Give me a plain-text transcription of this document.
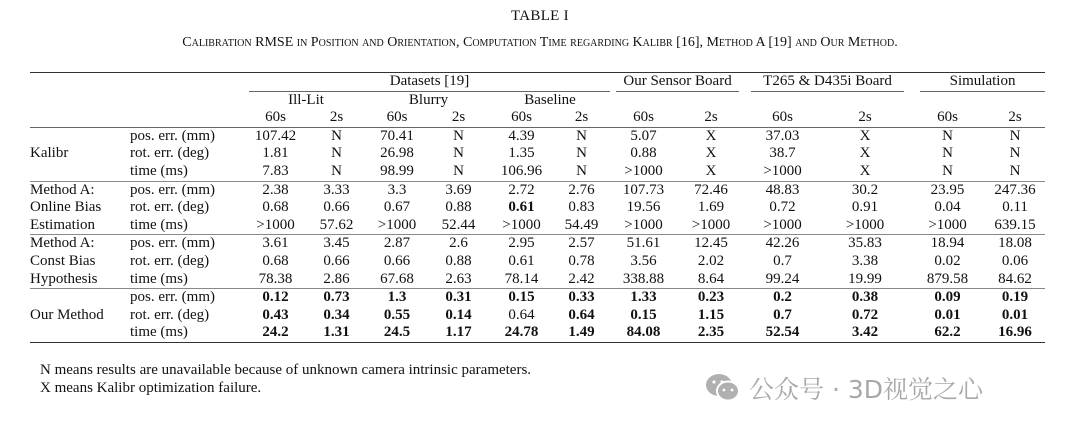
TABLE I
Calibration RMSE in Position and Orientation, Computation Time regarding Kalibr [16], Method A [19] and Our Method.

		Datasets [19]						Our Sensor Board		T265 & D435i Board		Simulation	

		Ill-Lit		Blurry		Baseline							
		60s	2s	60s	2s	60s	2s	60s	2s	60s	2s	60s	2s
	pos. err. (mm)	107.42	N	70.41	N	4.39	N	5.07	X	37.03	X	N	N
Kalibr	rot. err. (deg)	1.81	N	26.98	N	1.35	N	0.88	X	38.7	X	N	N
	time (ms)	7.83	N	98.99	N	106.96	N	>1000	X	>1000	X	N	N
Method A:	pos. err. (mm)	2.38	3.33	3.3	3.69	2.72	2.76	107.73	72.46	48.83	30.2	23.95	247.36
Online Bias	rot. err. (deg)	0.68	0.66	0.67	0.88	0.61	0.83	19.56	1.69	0.72	0.91	0.04	0.11
Estimation	time (ms)	>1000	57.62	>1000	52.44	>1000	54.49	>1000	>1000	>1000	>1000	>1000	639.15
Method A:	pos. err. (mm)	3.61	3.45	2.87	2.6	2.95	2.57	51.61	12.45	42.26	35.83	18.94	18.08
Const Bias	rot. err. (deg)	0.68	0.66	0.66	0.88	0.61	0.78	3.56	2.02	0.7	3.38	0.02	0.06
Hypothesis	time (ms)	78.38	2.86	67.68	2.63	78.14	2.42	338.88	8.64	99.24	19.99	879.58	84.62
	pos. err. (mm)	0.12	0.73	1.3	0.31	0.15	0.33	1.33	0.23	0.2	0.38	0.09	0.19
Our Method	rot. err. (deg)	0.43	0.34	0.55	0.14	0.64	0.64	0.15	1.15	0.7	0.72	0.01	0.01
	time (ms)	24.2	1.31	24.5	1.17	24.78	1.49	84.08	2.35	52.54	3.42	62.2	16.96
N means results are unavailable because of unknown camera intrinsic parameters.
X means Kalibr optimization failure.	公众号 · 3D视觉之心
